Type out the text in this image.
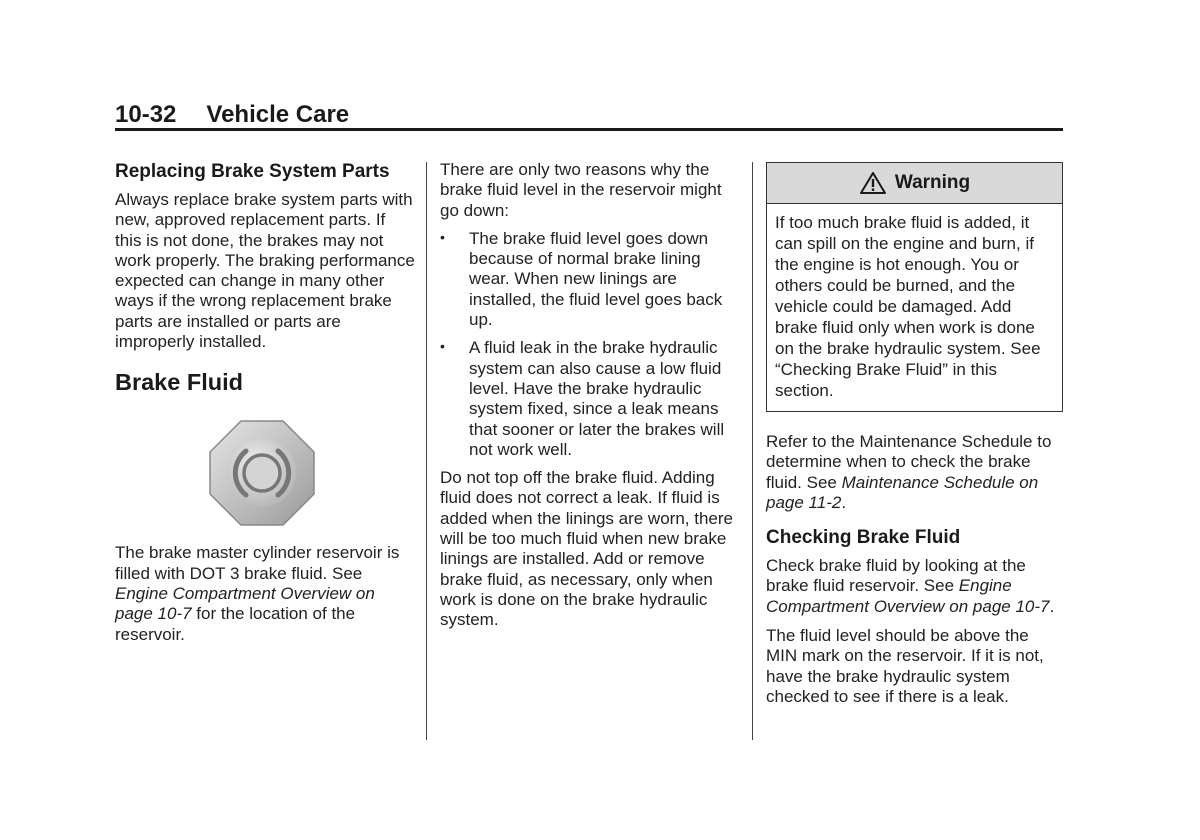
10-32 Vehicle Care

Replacing Brake System Parts

Always replace brake system parts with new, approved replacement parts. If this is not done, the brakes may not work properly. The braking performance expected can change in many other ways if the wrong replacement brake parts are installed or parts are improperly installed.

Brake Fluid

The brake master cylinder reservoir is filled with DOT 3 brake fluid. See Engine Compartment Overview on page 10-7 for the location of the reservoir.

There are only two reasons why the brake fluid level in the reservoir might go down:

• The brake fluid level goes down because of normal brake lining wear. When new linings are installed, the fluid level goes back up.
• A fluid leak in the brake hydraulic system can also cause a low fluid level. Have the brake hydraulic system fixed, since a leak means that sooner or later the brakes will not work well.

Do not top off the brake fluid. Adding fluid does not correct a leak. If fluid is added when the linings are worn, there will be too much fluid when new brake linings are installed. Add or remove brake fluid, as necessary, only when work is done on the brake hydraulic system.

Warning
If too much brake fluid is added, it can spill on the engine and burn, if the engine is hot enough. You or others could be burned, and the vehicle could be damaged. Add brake fluid only when work is done on the brake hydraulic system. See “Checking Brake Fluid” in this section.

Refer to the Maintenance Schedule to determine when to check the brake fluid. See Maintenance Schedule on page 11-2.

Checking Brake Fluid

Check brake fluid by looking at the brake fluid reservoir. See Engine Compartment Overview on page 10-7.

The fluid level should be above the MIN mark on the reservoir. If it is not, have the brake hydraulic system checked to see if there is a leak.
